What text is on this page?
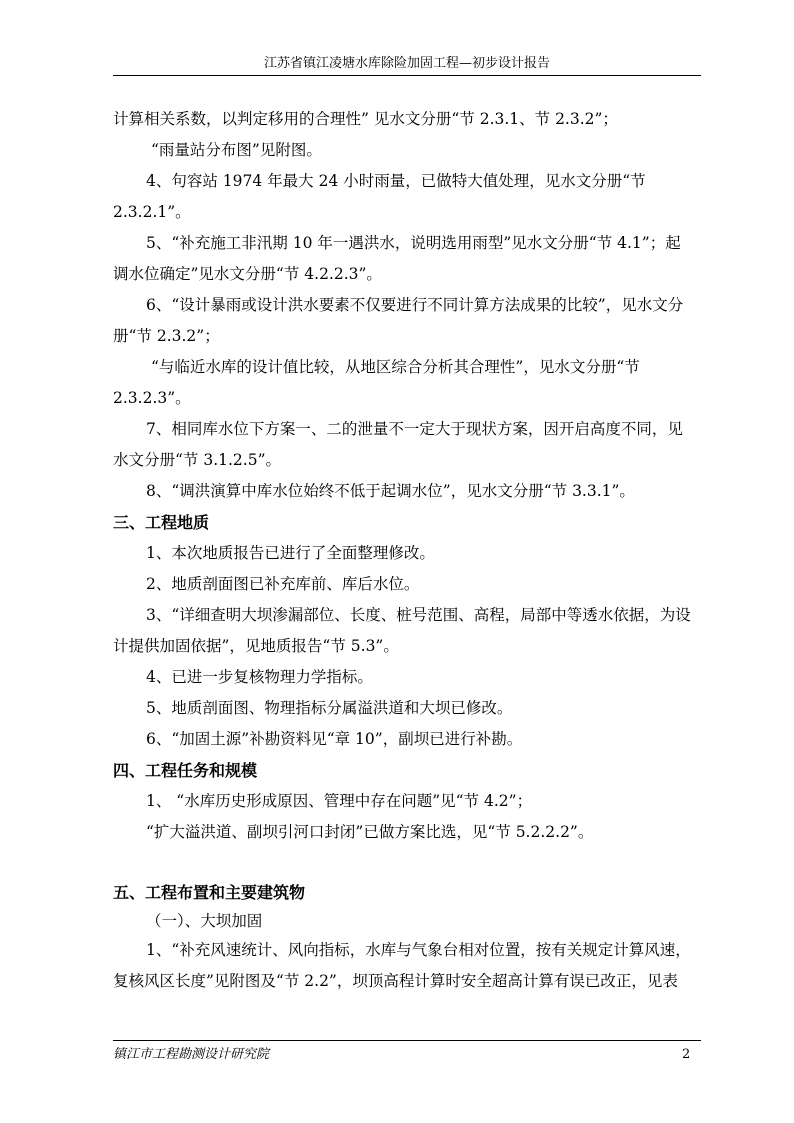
江苏省镇江凌塘水库除险加固工程—初步设计报告
计算相关系数，以判定移用的合理性” 见水文分册“节 2.3.1、节 2.3.2”；
“雨量站分布图”见附图。
4、句容站 1974 年最大 24 小时雨量，已做特大值处理，见水文分册“节
2.3.2.1”。
5、“补充施工非汛期 10 年一遇洪水，说明选用雨型”见水文分册“节 4.1”；起
调水位确定”见水文分册“节 4.2.2.3”。
6、“设计暴雨或设计洪水要素不仅要进行不同计算方法成果的比较”，见水文分
册“节 2.3.2”；
“与临近水库的设计值比较，从地区综合分析其合理性”，见水文分册“节
2.3.2.3”。
7、相同库水位下方案一、二的泄量不一定大于现状方案，因开启高度不同，见
水文分册“节 3.1.2.5”。
8、“调洪演算中库水位始终不低于起调水位”，见水文分册“节 3.3.1”。
三、工程地质
1、本次地质报告已进行了全面整理修改。
2、地质剖面图已补充库前、库后水位。
3、“详细查明大坝渗漏部位、长度、桩号范围、高程，局部中等透水依据，为设
计提供加固依据”，见地质报告“节 5.3”。
4、已进一步复核物理力学指标。
5、地质剖面图、物理指标分属溢洪道和大坝已修改。
6、“加固土源”补勘资料见“章 10”，副坝已进行补勘。
四、工程任务和规模
1、 “水库历史形成原因、管理中存在问题”见“节 4.2”；
“扩大溢洪道、副坝引河口封闭”已做方案比选，见“节 5.2.2.2”。
五、工程布置和主要建筑物
（一）、大坝加固
1、“补充风速统计、风向指标，水库与气象台相对位置，按有关规定计算风速，
复核风区长度”见附图及“节 2.2”，坝顶高程计算时安全超高计算有误已改正，见表
镇江市工程勘测设计研究院	2
